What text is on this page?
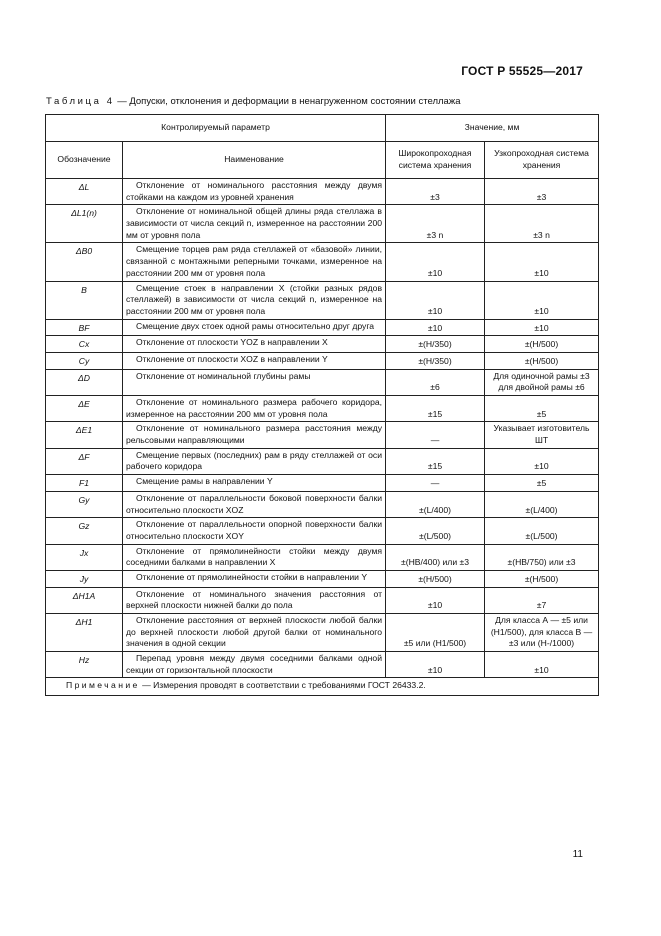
ГОСТ Р 55525—2017
Таблица 4 — Допуски, отклонения и деформации в ненагруженном состоянии стеллажа
Контролируемый параметр		Значение, мм	
Обозначение	Наименование	Широкопроходная система хранения	Узкопроходная система хранения
ΔL	Отклонение от номинального расстояния между двумя стойками на каждом из уровней хранения	±3	±3
ΔL1(n)	Отклонение от номинальной общей длины ряда стеллажа в зависимости от числа секций n, измеренное на расстоянии 200 мм от уровня пола	±3 n	±3 n
ΔB0	Смещение торцев рам ряда стеллажей от «базовой» линии, связанной с монтажными реперными точками, измеренное на расстоянии 200 мм от уровня пола	±10	±10
B	Смещение стоек в направлении X (стойки разных рядов стеллажей) в зависимости от числа секций n, измеренное на расстоянии 200 мм от уровня пола	±10	±10
BF	Смещение двух стоек одной рамы относительно друг друга	±10	±10
Cx	Отклонение от плоскости YOZ в направлении X	±(H/350)	±(H/500)
Cy	Отклонение от плоскости XOZ в направлении Y	±(H/350)	±(H/500)
ΔD	Отклонение от номинальной глубины рамы	±6	Для одиночной рамы ±3 для двойной рамы ±6
ΔE	Отклонение от номинального размера рабочего коридора, измеренное на расстоянии 200 мм от уровня пола	±15	±5
ΔE1	Отклонение от номинального размера расстояния между рельсовыми направляющими	—	Указывает изготовитель ШТ
ΔF	Смещение первых (последних) рам в ряду стеллажей от оси рабочего коридора	±15	±10
F1	Смещение рамы в направлении Y	—	±5
Gy	Отклонение от параллельности боковой поверхности балки относительно плоскости XOZ	±(L/400)	±(L/400)
Gz	Отклонение от параллельности опорной поверхности балки относительно плоскости XOY	±(L/500)	±(L/500)
Jx	Отклонение от прямолинейности стойки между двумя соседними балками в направлении X	±(HB/400) или ±3	±(HB/750) или ±3
Jy	Отклонение от прямолинейности стойки в направлении Y	±(H/500)	±(H/500)
ΔH1A	Отклонение от номинального значения расстояния от верхней плоскости нижней балки до пола	±10	±7
ΔH1	Отклонение расстояния от верхней плоскости любой балки до верхней плоскости любой другой балки от номинального значения в одной секции	±5 или (H1/500)	Для класса А — ±5 или (H1/500), для класса В — ±3 или (H-/1000)
Hz	Перепад уровня между двумя соседними балками одной секции от горизонтальной плоскости	±10	±10
Примечание — Измерения проводят в соответствии с требованиями ГОСТ 26433.2.			
11
